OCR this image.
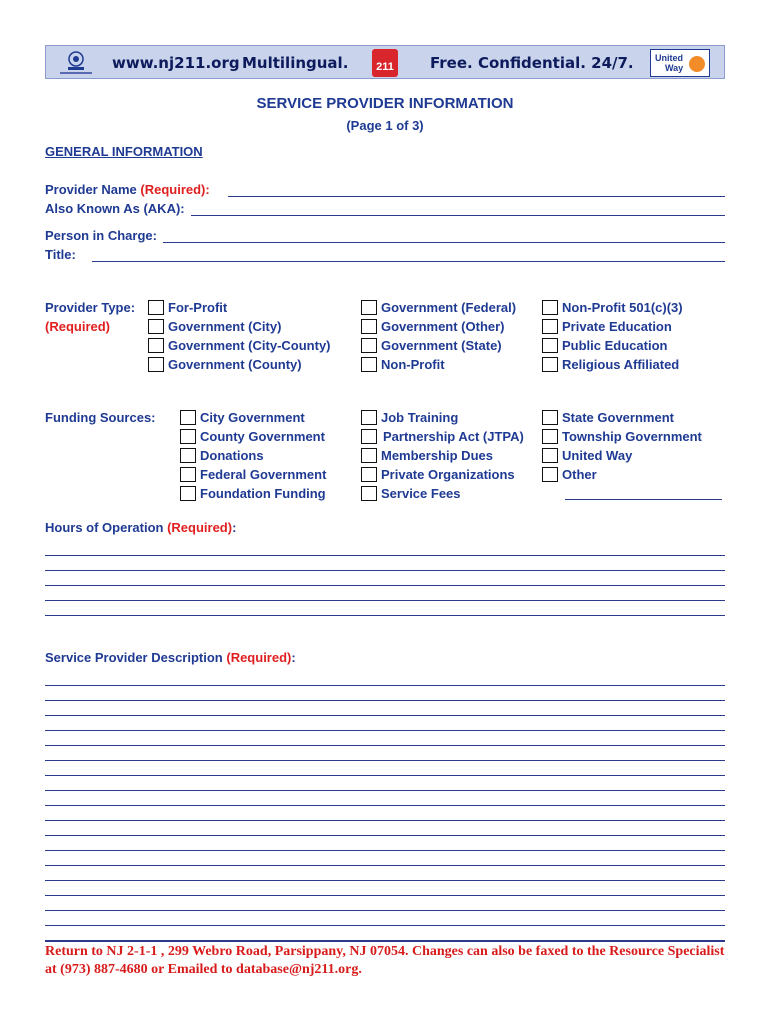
www.nj211.org Multilingual.	211 Free. Confidential. 24/7. United
Way
SERVICE PROVIDER INFORMATION
(Page 1 of 3)
GENERAL INFORMATION
Provider Name (Required):
Also Known As (AKA):
Person in Charge:
Title:
Provider Type:
(Required)
For-Profit
Government (City)
Government (City-County)
Government (County)
Government (Federal)
Government (Other)
Government (State)
Non-Profit
Non-Profit 501(c)(3)
Private Education
Public Education
Religious Affiliated
Funding Sources:	City Government
County Government
Donations
Federal Government
Foundation Funding
Job Training
Partnership Act (JTPA)
Membership Dues
Private Organizations
Service Fees
State Government
Township Government
United Way
Other
Hours of Operation (Required):
Service Provider Description (Required):
Return to NJ 2-1-1 , 299 Webro Road, Parsippany, NJ 07054. Changes can also be faxed to the Resource Specialist at (973) 887-4680 or Emailed to database@nj211.org.
